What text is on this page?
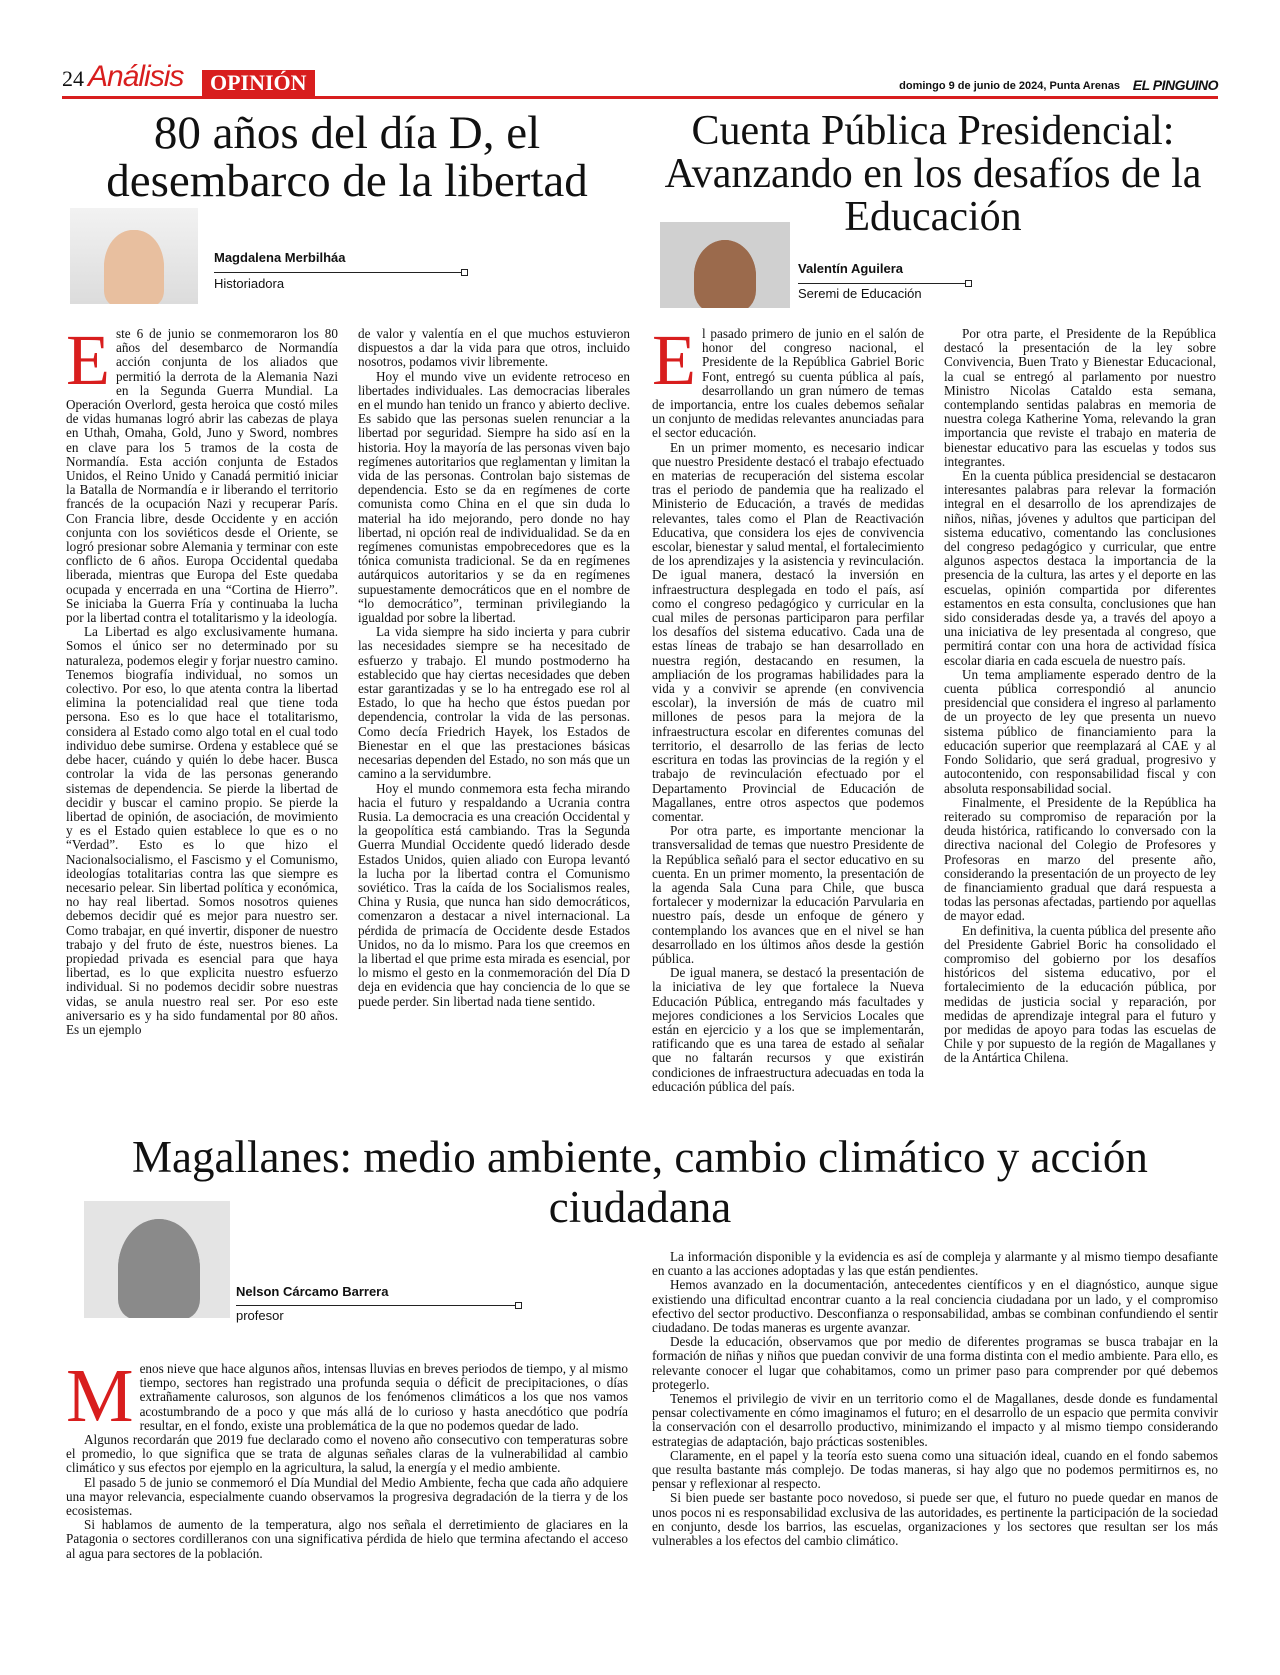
24 Análisis	OPINIÓN	domingo 9 de junio de 2024, Punta Arenas EL PINGUINO
80 años del día D, el desembarco de la libertad
Magdalena Merbilháa
Historiadora

Este 6 de junio se conmemoraron los 80 años del desembarco de Normandía acción conjunta de los aliados que permitió la derrota de la Alemania Nazi en la Segunda Guerra Mundial. La Operación Overlord, gesta heroica que costó miles de vidas humanas logró abrir las cabezas de playa en Uthah, Omaha, Gold, Juno y Sword, nombres en clave para los 5 tramos de la costa de Normandía. Esta acción conjunta de Estados Unidos, el Reino Unido y Canadá permitió iniciar la Batalla de Normandía e ir liberando el territorio francés de la ocupación Nazi y recuperar París. Con Francia libre, desde Occidente y en acción conjunta con los soviéticos desde el Oriente, se logró presionar sobre Alemania y terminar con este conflicto de 6 años. Europa Occidental quedaba liberada, mientras que Europa del Este quedaba ocupada y encerrada en una “Cortina de Hierro”. Se iniciaba la Guerra Fría y continuaba la lucha por la libertad contra el totalitarismo y la ideología.

La Libertad es algo exclusivamente humana. Somos el único ser no determinado por su naturaleza, podemos elegir y forjar nuestro camino. Tenemos biografía individual, no somos un colectivo. Por eso, lo que atenta contra la libertad elimina la potencialidad real que tiene toda persona. Eso es lo que hace el totalitarismo, considera al Estado como algo total en el cual todo individuo debe sumirse. Ordena y establece qué se debe hacer, cuándo y quién lo debe hacer. Busca controlar la vida de las personas generando sistemas de dependencia. Se pierde la libertad de decidir y buscar el camino propio. Se pierde la libertad de opinión, de asociación, de movimiento y es el Estado quien establece lo que es o no “Verdad”. Esto es lo que hizo el Nacionalsocialismo, el Fascismo y el Comunismo, ideologías totalitarias contra las que siempre es necesario pelear. Sin libertad política y económica, no hay real libertad. Somos nosotros quienes debemos decidir qué es mejor para nuestro ser. Como trabajar, en qué invertir, disponer de nuestro trabajo y del fruto de éste, nuestros bienes. La propiedad privada es esencial para que haya libertad, es lo que explicita nuestro esfuerzo individual. Si no podemos decidir sobre nuestras vidas, se anula nuestro real ser. Por eso este aniversario es y ha sido fundamental por 80 años. Es un ejemplo

de valor y valentía en el que muchos estuvieron dispuestos a dar la vida para que otros, incluido nosotros, podamos vivir libremente.

Hoy el mundo vive un evidente retroceso en libertades individuales. Las democracias liberales en el mundo han tenido un franco y abierto declive. Es sabido que las personas suelen renunciar a la libertad por seguridad. Siempre ha sido así en la historia. Hoy la mayoría de las personas viven bajo regímenes autoritarios que reglamentan y limitan la vida de las personas. Controlan bajo sistemas de dependencia. Esto se da en regímenes de corte comunista como China en el que sin duda lo material ha ido mejorando, pero donde no hay libertad, ni opción real de individualidad. Se da en regímenes comunistas empobrecedores que es la tónica comunista tradicional. Se da en regímenes autárquicos autoritarios y se da en regímenes supuestamente democráticos que en el nombre de “lo democrático”, terminan privilegiando la igualdad por sobre la libertad.

La vida siempre ha sido incierta y para cubrir las necesidades siempre se ha necesitado de esfuerzo y trabajo. El mundo postmoderno ha establecido que hay ciertas necesidades que deben estar garantizadas y se lo ha entregado ese rol al Estado, lo que ha hecho que éstos puedan por dependencia, controlar la vida de las personas. Como decía Friedrich Hayek, los Estados de Bienestar en el que las prestaciones básicas necesarias dependen del Estado, no son más que un camino a la servidumbre.

Hoy el mundo conmemora esta fecha mirando hacia el futuro y respaldando a Ucrania contra Rusia. La democracia es una creación Occidental y la geopolítica está cambiando. Tras la Segunda Guerra Mundial Occidente quedó liderado desde Estados Unidos, quien aliado con Europa levantó la lucha por la libertad contra el Comunismo soviético. Tras la caída de los Socialismos reales, China y Rusia, que nunca han sido democráticos, comenzaron a destacar a nivel internacional. La pérdida de primacía de Occidente desde Estados Unidos, no da lo mismo. Para los que creemos en la libertad el que prime esta mirada es esencial, por lo mismo el gesto en la conmemoración del Día D deja en evidencia que hay conciencia de lo que se puede perder. Sin libertad nada tiene sentido.

Cuenta Pública Presidencial: Avanzando en los desafíos de la Educación
Valentín Aguilera
Seremi de Educación

El pasado primero de junio en el salón de honor del congreso nacional, el Presidente de la República Gabriel Boric Font, entregó su cuenta pública al país, desarrollando un gran número de temas de importancia, entre los cuales debemos señalar un conjunto de medidas relevantes anunciadas para el sector educación.

En un primer momento, es necesario indicar que nuestro Presidente destacó el trabajo efectuado en materias de recuperación del sistema escolar tras el periodo de pandemia que ha realizado el Ministerio de Educación, a través de medidas relevantes, tales como el Plan de Reactivación Educativa, que considera los ejes de convivencia escolar, bienestar y salud mental, el fortalecimiento de los aprendizajes y la asistencia y revinculación. De igual manera, destacó la inversión en infraestructura desplegada en todo el país, así como el congreso pedagógico y curricular en la cual miles de personas participaron para perfilar los desafíos del sistema educativo. Cada una de estas líneas de trabajo se han desarrollado en nuestra región, destacando en resumen, la ampliación de los programas habilidades para la vida y a convivir se aprende (en convivencia escolar), la inversión de más de cuatro mil millones de pesos para la mejora de la infraestructura escolar en diferentes comunas del territorio, el desarrollo de las ferias de lecto escritura en todas las provincias de la región y el trabajo de revinculación efectuado por el Departamento Provincial de Educación de Magallanes, entre otros aspectos que podemos comentar.

Por otra parte, es importante mencionar la transversalidad de temas que nuestro Presidente de la República señaló para el sector educativo en su cuenta. En un primer momento, la presentación de la agenda Sala Cuna para Chile, que busca fortalecer y modernizar la educación Parvularia en nuestro país, desde un enfoque de género y contemplando los avances que en el nivel se han desarrollado en los últimos años desde la gestión pública.

De igual manera, se destacó la presentación de la iniciativa de ley que fortalece la Nueva Educación Pública, entregando más facultades y mejores condiciones a los Servicios Locales que están en ejercicio y a los que se implementarán, ratificando que es una tarea de estado al señalar que no faltarán recursos y que existirán condiciones de infraestructura adecuadas en toda la educación pública del país.

Por otra parte, el Presidente de la República destacó la presentación de la ley sobre Convivencia, Buen Trato y Bienestar Educacional, la cual se entregó al parlamento por nuestro Ministro Nicolas Cataldo esta semana, contemplando sentidas palabras en memoria de nuestra colega Katherine Yoma, relevando la gran importancia que reviste el trabajo en materia de bienestar educativo para las escuelas y todos sus integrantes.

En la cuenta pública presidencial se destacaron interesantes palabras para relevar la formación integral en el desarrollo de los aprendizajes de niños, niñas, jóvenes y adultos que participan del sistema educativo, comentando las conclusiones del congreso pedagógico y curricular, que entre algunos aspectos destaca la importancia de la presencia de la cultura, las artes y el deporte en las escuelas, opinión compartida por diferentes estamentos en esta consulta, conclusiones que han sido consideradas desde ya, a través del apoyo a una iniciativa de ley presentada al congreso, que permitirá contar con una hora de actividad física escolar diaria en cada escuela de nuestro país.

Un tema ampliamente esperado dentro de la cuenta pública correspondió al anuncio presidencial que considera el ingreso al parlamento de un proyecto de ley que presenta un nuevo sistema público de financiamiento para la educación superior que reemplazará al CAE y al Fondo Solidario, que será gradual, progresivo y autocontenido, con responsabilidad fiscal y con absoluta responsabilidad social.

Finalmente, el Presidente de la República ha reiterado su compromiso de reparación por la deuda histórica, ratificando lo conversado con la directiva nacional del Colegio de Profesores y Profesoras en marzo del presente año, considerando la presentación de un proyecto de ley de financiamiento gradual que dará respuesta a todas las personas afectadas, partiendo por aquellas de mayor edad.

En definitiva, la cuenta pública del presente año del Presidente Gabriel Boric ha consolidado el compromiso del gobierno por los desafíos históricos del sistema educativo, por el fortalecimiento de la educación pública, por medidas de justicia social y reparación, por medidas de aprendizaje integral para el futuro y por medidas de apoyo para todas las escuelas de Chile y por supuesto de la región de Magallanes y de la Antártica Chilena.

Magallanes: medio ambiente, cambio climático y acción ciudadana
Nelson Cárcamo Barrera
profesor

Menos nieve que hace algunos años, intensas lluvias en breves periodos de tiempo, y al mismo tiempo, sectores han registrado una profunda sequia o déficit de precipitaciones, o días extrañamente calurosos, son algunos de los fenómenos climáticos a los que nos vamos acostumbrando de a poco y que más allá de lo curioso y hasta anecdótico que podría resultar, en el fondo, existe una problemática de la que no podemos quedar de lado.

Algunos recordarán que 2019 fue declarado como el noveno año consecutivo con temperaturas sobre el promedio, lo que significa que se trata de algunas señales claras de la vulnerabilidad al cambio climático y sus efectos por ejemplo en la agricultura, la salud, la energía y el medio ambiente.

El pasado 5 de junio se conmemoró el Día Mundial del Medio Ambiente, fecha que cada año adquiere una mayor relevancia, especialmente cuando observamos la progresiva degradación de la tierra y de los ecosistemas.

Si hablamos de aumento de la temperatura, algo nos señala el derretimiento de glaciares en la Patagonia o sectores cordilleranos con una significativa pérdida de hielo que termina afectando el acceso al agua para sectores de la población.

La información disponible y la evidencia es así de compleja y alarmante y al mismo tiempo desafiante en cuanto a las acciones adoptadas y las que están pendientes.

Hemos avanzado en la documentación, antecedentes científicos y en el diagnóstico, aunque sigue existiendo una dificultad encontrar cuanto a la real conciencia ciudadana por un lado, y el compromiso efectivo del sector productivo. Desconfianza o responsabilidad, ambas se combinan confundiendo el sentir ciudadano. De todas maneras es urgente avanzar.

Desde la educación, observamos que por medio de diferentes programas se busca trabajar en la formación de niñas y niños que puedan convivir de una forma distinta con el medio ambiente. Para ello, es relevante conocer el lugar que cohabitamos, como un primer paso para comprender por qué debemos protegerlo.

Tenemos el privilegio de vivir en un territorio como el de Magallanes, desde donde es fundamental pensar colectivamente en cómo imaginamos el futuro; en el desarrollo de un espacio que permita convivir la conservación con el desarrollo productivo, minimizando el impacto y al mismo tiempo considerando estrategias de adaptación, bajo prácticas sostenibles.

Claramente, en el papel y la teoría esto suena como una situación ideal, cuando en el fondo sabemos que resulta bastante más complejo. De todas maneras, si hay algo que no podemos permitirnos es, no pensar y reflexionar al respecto.

Si bien puede ser bastante poco novedoso, si puede ser que, el futuro no puede quedar en manos de unos pocos ni es responsabilidad exclusiva de las autoridades, es pertinente la participación de la sociedad en conjunto, desde los barrios, las escuelas, organizaciones y los sectores que resultan ser los más vulnerables a los efectos del cambio climático.
